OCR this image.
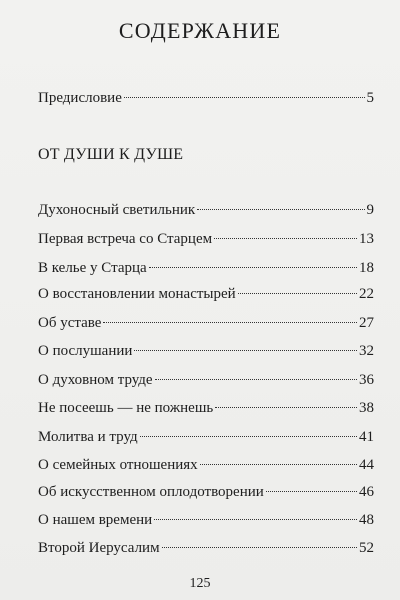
СОДЕРЖАНИЕ
Предисловие	5
ОТ ДУШИ К ДУШЕ
Духоносный светильник	9
Первая встреча со Старцем	13
В келье у Старца	18
О восстановлении монастырей	22
Об уставе	27
О послушании	32
О духовном труде	36
Не посеешь — не пожнешь	38
Молитва и труд	41
О семейных отношениях	44
Об искусственном оплодотворении	46
О нашем времени	48
Второй Иерусалим	52
125
